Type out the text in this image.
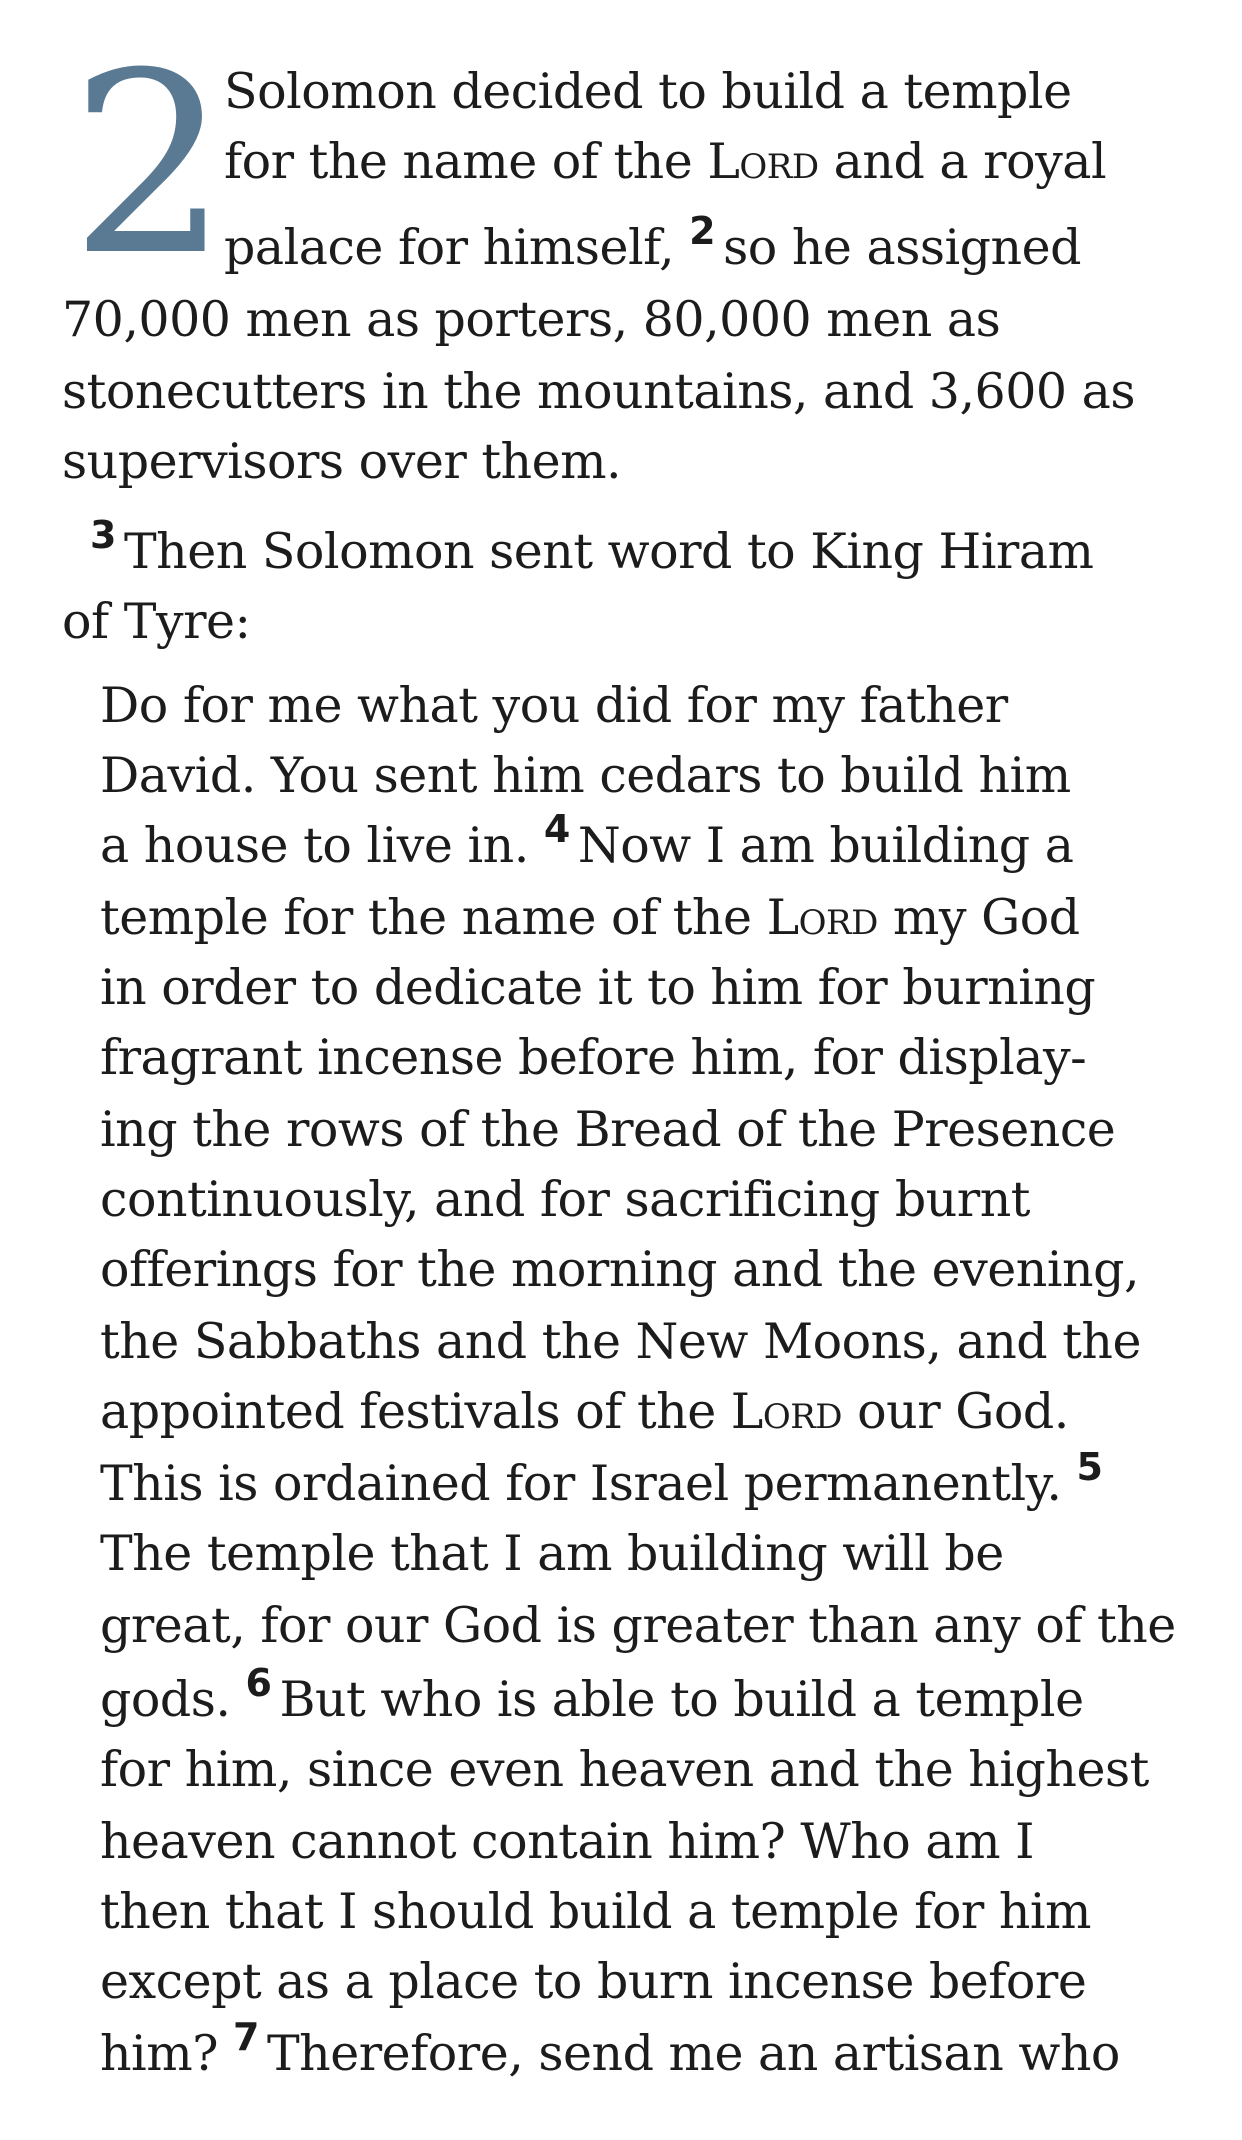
2
Solomon decided to build a temple
for the name of the Lord and a royal
palace for himself, $^2$ so he assigned
70,000 men as porters, 80,000 men as
stonecutters in the mountains, and 3,600 as
supervisors over them.
$^3$ Then Solomon sent word to King Hiram
of Tyre:
Do for me what you did for my father
David. You sent him cedars to build him
a house to live in. $^4$ Now I am building a
temple for the name of the Lord my God
in order to dedicate it to him for burning
fragrant incense before him, for display-
ing the rows of the Bread of the Presence
continuously, and for sacrificing burnt
offerings for the morning and the evening,
the Sabbaths and the New Moons, and the
appointed festivals of the Lord our God.
This is ordained for Israel permanently. $^5$
The temple that I am building will be
great, for our God is greater than any of the
gods. $^6$ But who is able to build a temple
for him, since even heaven and the highest
heaven cannot contain him? Who am I
then that I should build a temple for him
except as a place to burn incense before
him? $^7$ Therefore, send me an artisan who
